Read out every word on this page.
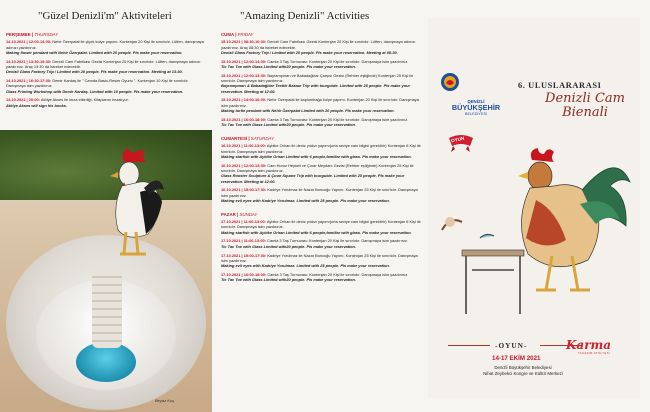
"Güzel Denizli'm" Aktiviteleri	"Amazing Denizli" Activities
PERŞEMBE | THURSDAY
14.10.2021 | 12:00-14:00: Nehir Özerpalat ile çiçek kolye yapımı. Kontenjan 20 Kişi ile sınırlıdır. Lütfen, danışmaya adınızı yazdırınız.
Making flower pendant with Nehir Özerpalat. Limited with 20 people. Pls make your reservation.
14.10.2021 | 13:30-15:30: Denizli Cam Fabrikası Gezisi Kontenjan 20 Kişi ile sınırlıdır. Lütfen, danışmaya adınızı yazdırınız. Araç 13:30 da hareket edecektir.
Denizli Glass Factory Trip / Limited with 20 people. Pls make your reservation. Meeting at 13:30.
14.10.2021 | 16:30-17:30: Demir Kardaş ile " Camda Baskı-Resim Oyunu ". Kontenjan 10 Kişi ile sınırlıdır. Danışmaya isim yazdırınız.
Glass Printing Workshop with Demir Kardaş. Limited with 10 people. Pls make your reservation.
14.10.2021 | 20:00: Atölye Akses ile imza etkinliği. Kitaplarını imzalıyor.
Atölye Akses will sign his books.
CUMA | FRIDAY
15.10.2021 | 08:30-10:30: Denizli Cam Fabrikası Gezisi Kontenjan 20 Kişi ile sınırlıdır. Lütfen, danışmaya adınızı yazdırınız. Araç 08:30 da hareket edecektir.
Denizli Glass Factory Trip / Limited with 20 people. Pls make your reservation. Meeting at 08:30.
15.10.2021 | 12:00-14:00: Camla 3 Taş Turnuvası: Kontenjan 20 Kişi ile sınırlıdır. Danışmaya isim yazdırınız.
Tic Tac Toe with Glass Limited with20 people. Pls make your reservation.
15.10.2021 | 12:00-13:30: Bayrampınarı ve Babadağlılar Çarşısı Gezisi (Rehber eşliğinde) Kontenjan 25 Kişi ile sınırlıdır. Danışmaya isim yazdırınız.
Bayrampınarı & Babadağlılar Textile Bazaar Trip with tourguide. Limited with 25 people. Pls make your reservation. Meeting at 12:00.
15.10.2021 | 14:00-16:00: Nehir Özerpalat ile kaplumbağa kolye yapımı. Kontenjan 20 Kişi ile sınırlıdır. Danışmaya isim yazdırınız.
Making turtle pendant with Nehir Özerpalat Limited with 20 people. Pls make your reservation.
15.10.2021 | 16:00-18:00: Camla 3 Taş Turnuvası: Kontenjan 20 Kişi ile sınırlıdır. Danışmaya isim yazdırınız.
Tic Tac Toe with Glass Limited with20 people. Pls make your reservation.
CUMARTESİ | SATURDAY
16.10.2021 | 11:00-13:00: Aybike Orhan ile deniz yıldızı yapımı(orta seviye cam bilgisi gerektirir) Kontenjan 6 Kişi ile sınırlıdır. Danışmaya isim yazdırınız.
Making starfish with Aybike Orhan Limited with 6 people,familiar with glass. Pls make your reservation.
16.10.2021 | 12:00-13:30: Cam Horoz Heykeli ve Çınar Meydanı Gezisi (Rehber eşliğinde) Kontenjan 25 Kişi ile sınırlıdır. Danışmaya isim yazdırınız.
Glass Rooster Sculpture & Çınar Square Trip with tourguide. Limited with 25 people. Pls make your reservation. Meeting at 12:00.
16.10.2021 | 15:00-17:30: Kadriye Yorulmaz ile Nazar Boncuğu Yapımı. Kontenjan 25 Kişi ile sınırlıdır. Danışmaya isim yazdırınız.
Making evil eyes with Kadriye Yorulmaz. Limited with 25 people. Pls make your reservation.
PAZAR | SUNDAY
17.10.2021 | 11:00-13:00: Aybike Orhan ile deniz yıldızı yapımı(orta seviye cam bilgisi gerektirir) Kontenjan 6 Kişi ile sınırlıdır. Danışmaya isim yazdırınız.
Making starfish with Aybike Orhan Limited with 6 people,familiar with glass. Pls make your reservation.
17.10.2021 | 11:00-13:00: Camla 3 Taş Turnuvası: Kontenjan 20 Kişi ile sınırlıdır. Danışmaya isim yazdırınız.
Tic Tac Toe with Glass Limited with20 people. Pls make your reservation.
17.10.2021 | 15:00-17:30: Kadriye Yorulmaz ile Nazar Boncuğu Yapımı. Kontenjan 25 Kişi ile sınırlıdır. Danışmaya isim yazdırınız.
Making evil eyes with Kadriye Yorulmaz. Limited with 25 people. Pls make your reservation.
17.10.2021 | 16:00-18:00: Camla 3 Taş Turnuvası: Kontenjan 20 Kişi ile sınırlıdır. Danışmaya isim yazdırınız.
Tic Tac Toe with Glass Limited with20 people. Pls make your reservation.
Beyaz Kuş
DENİZLİ
BÜYÜKŞEHİR
BELEDİYESİ
6. ULUSLARARASI
Denizli Cam
Bienali
OYUN
-OYUN-
14-17 EKİM 2021
Denizli Büyükşehir Belediyesi
Nihat Zeybekci Kongre ve Kültür Merkezi
Karma
TASARIM ATÖLYESİ
